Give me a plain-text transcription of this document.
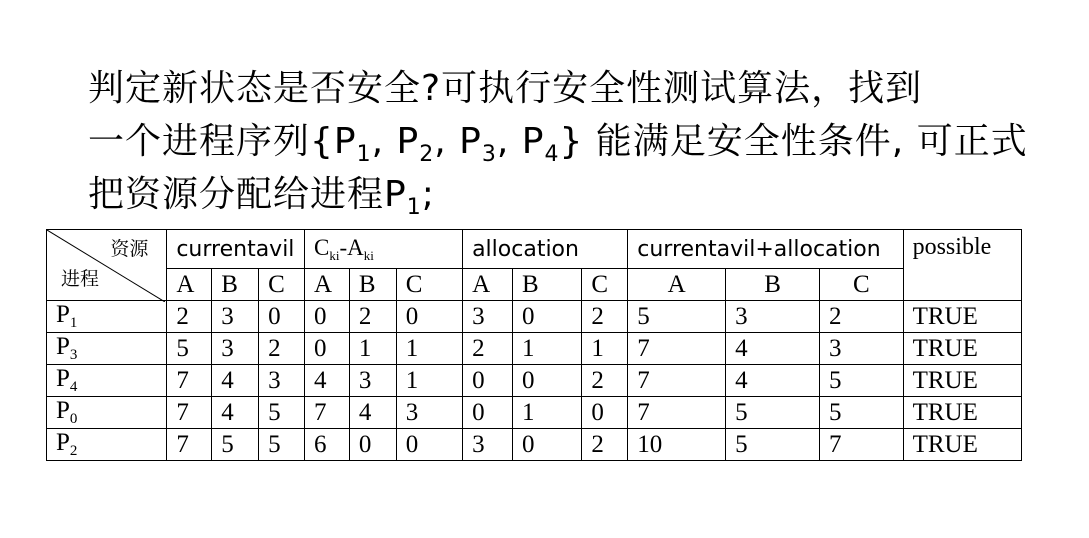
判定新状态是否安全?可执行安全性测试算法，找到
一个进程序列{$P_1$, $P_2$, $P_3$, $P_4$} 能满足安全性条件, 可正式
把资源分配给进程$P_1$;
资源
进程	currentavil			$C_{ki}-A_{ki}$			allocation			currentavil+allocation			possible
	A	B	C	A	B	C	A	B	C	A	B	C	
$P_1$	2	3	0	0	2	0	3	0	2	5	3	2	TRUE
$P_3$	5	3	2	0	1	1	2	1	1	7	4	3	TRUE
$P_4$	7	4	3	4	3	1	0	0	2	7	4	5	TRUE
$P_0$	7	4	5	7	4	3	0	1	0	7	5	5	TRUE
$P_2$	7	5	5	6	0	0	3	0	2	10	5	7	TRUE
